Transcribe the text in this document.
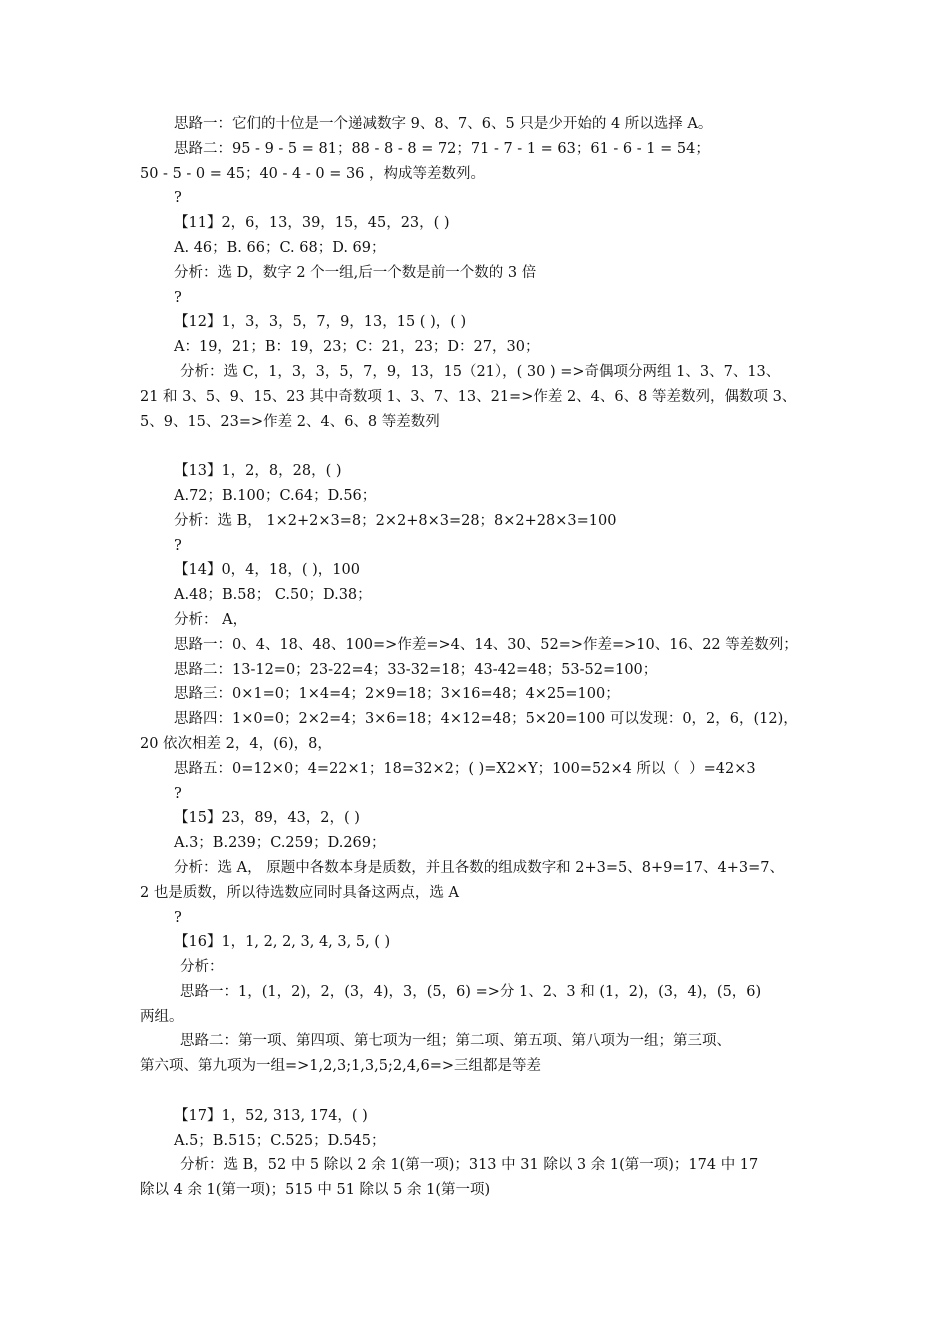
思路一：它们的十位是一个递减数字 9、8、7、6、5 只是少开始的 4 所以选择 A。
思路二：95 - 9 - 5 = 81；88 - 8 - 8 = 72；71 - 7 - 1 = 63；61 - 6 - 1 = 54；
50 - 5 - 0 = 45；40 - 4 - 0 = 36 ，构成等差数列。
?
【11】2，6，13，39，15，45，23，( )
A. 46；B. 66；C. 68；D. 69；
分析：选 D，数字 2 个一组,后一个数是前一个数的 3 倍
?
【12】1，3，3，5，7，9，13，15 ( )，( )
A：19，21；B：19，23；C：21，23；D：27，30；
分析：选 C，1，3，3，5，7，9，13，15（21），( 30 ) =>奇偶项分两组 1、3、7、13、
21 和 3、5、9、15、23 其中奇数项 1、3、7、13、21=>作差 2、4、6、8 等差数列，偶数项 3、
5、9、15、23=>作差 2、4、6、8 等差数列
【13】1，2，8，28，( )
A.72；B.100；C.64；D.56；
分析：选 B， 1×2+2×3=8；2×2+8×3=28；8×2+28×3=100
?
【14】0，4，18，( )，100
A.48；B.58； C.50；D.38；
分析： A，
思路一：0、4、18、48、100=>作差=>4、14、30、52=>作差=>10、16、22 等差数列；
思路二：13-12=0；23-22=4；33-32=18；43-42=48；53-52=100；
思路三：0×1=0；1×4=4；2×9=18；3×16=48；4×25=100；
思路四：1×0=0；2×2=4；3×6=18；4×12=48；5×20=100 可以发现：0，2，6，(12)，
20 依次相差 2，4，(6)，8，
思路五：0=12×0；4=22×1；18=32×2；( )=X2×Y；100=52×4 所以（  ）=42×3
?
【15】23，89，43，2，( )
A.3；B.239；C.259；D.269；
分析：选 A， 原题中各数本身是质数，并且各数的组成数字和 2+3=5、8+9=17、4+3=7、
2 也是质数，所以待选数应同时具备这两点，选 A
?
【16】1，1, 2, 2, 3, 4, 3, 5, ( )
分析：
思路一：1，(1，2)，2，(3，4)，3，(5，6) =>分 1、2、3 和 (1，2)，(3，4)，(5，6)
两组。
思路二：第一项、第四项、第七项为一组；第二项、第五项、第八项为一组；第三项、
第六项、第九项为一组=>1,2,3;1,3,5;2,4,6=>三组都是等差
【17】1，52, 313, 174，( )
A.5；B.515；C.525；D.545；
分析：选 B，52 中 5 除以 2 余 1(第一项)；313 中 31 除以 3 余 1(第一项)；174 中 17
除以 4 余 1(第一项)；515 中 51 除以 5 余 1(第一项)
